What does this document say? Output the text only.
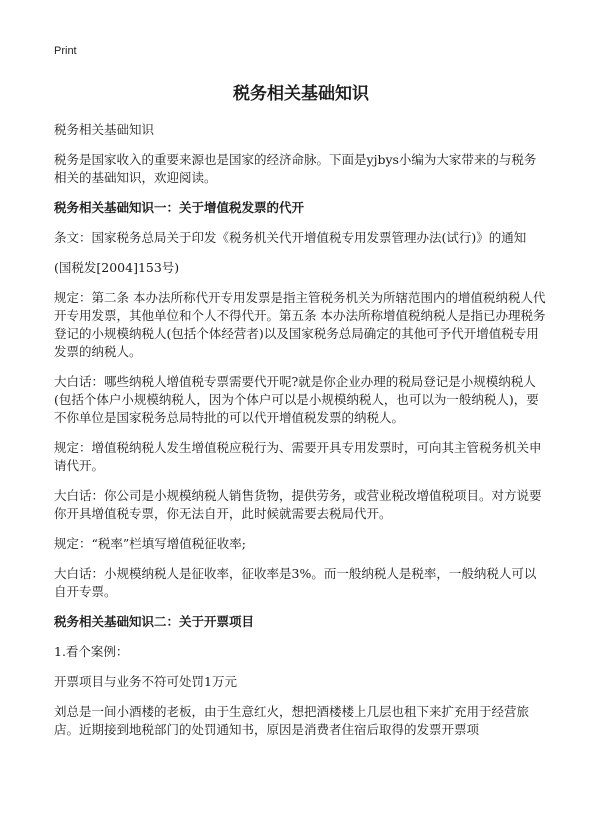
Print
税务相关基础知识

税务相关基础知识

税务是国家收入的重要来源也是国家的经济命脉。下面是yjbys小编为大家带来的与税务相关的基础知识，欢迎阅读。

税务相关基础知识一：关于增值税发票的代开

条文：国家税务总局关于印发《税务机关代开增值税专用发票管理办法(试行)》的通知

(国税发[2004]153号)

规定：第二条 本办法所称代开专用发票是指主管税务机关为所辖范围内的增值税纳税人代开专用发票，其他单位和个人不得代开。第五条 本办法所称增值税纳税人是指已办理税务登记的小规模纳税人(包括个体经营者)以及国家税务总局确定的其他可予代开增值税专用发票的纳税人。

大白话：哪些纳税人增值税专票需要代开呢?就是你企业办理的税局登记是小规模纳税人(包括个体户小规模纳税人，因为个体户可以是小规模纳税人，也可以为一般纳税人)，要不你单位是国家税务总局特批的可以代开增值税发票的纳税人。

规定：增值税纳税人发生增值税应税行为、需要开具专用发票时，可向其主管税务机关申请代开。

大白话：你公司是小规模纳税人销售货物，提供劳务，或营业税改增值税项目。对方说要你开具增值税专票，你无法自开，此时候就需要去税局代开。

规定：“税率”栏填写增值税征收率;

大白话：小规模纳税人是征收率，征收率是3%。而一般纳税人是税率，一般纳税人可以自开专票。

税务相关基础知识二：关于开票项目

1.看个案例：

开票项目与业务不符可处罚1万元

刘总是一间小酒楼的老板，由于生意红火，想把酒楼楼上几层也租下来扩充用于经营旅店。近期接到地税部门的处罚通知书，原因是消费者住宿后取得的发票开票项
